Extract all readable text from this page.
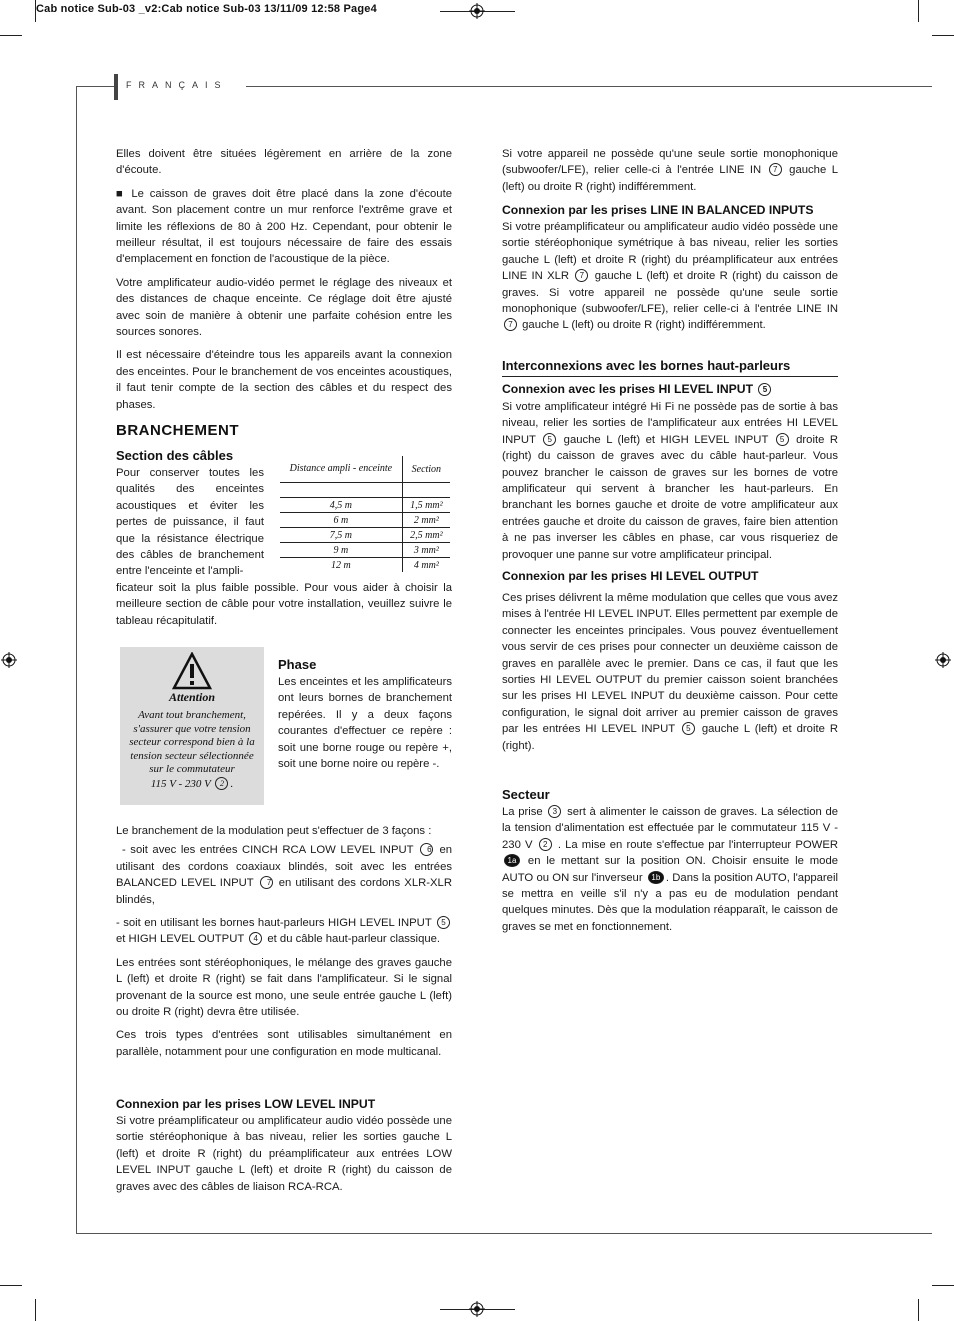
Cab notice Sub-03 _v2:Cab notice Sub-03 13/11/09 12:58 Page4
FRANÇAIS

Elles doivent être situées légèrement en arrière de la zone d'écoute.

■ Le caisson de graves doit être placé dans la zone d'écoute avant. Son placement contre un mur renforce l'extrême grave et limite les réflexions de 80 à 200 Hz. Cependant, pour obtenir le meilleur résultat, il est toujours nécessaire de faire des essais d'emplacement en fonction de l'acoustique de la pièce.

Votre amplificateur audio-vidéo permet le réglage des niveaux et des distances de chaque enceinte. Ce réglage doit être ajusté avec soin de manière à obtenir une parfaite cohésion entre les sources sonores.

Il est nécessaire d'éteindre tous les appareils avant la connexion des enceintes. Pour le branchement de vos enceintes acoustiques, il faut tenir compte de la section des câbles et du respect des phases.

BRANCHEMENT
Section des câbles

Pour conserver toutes les qualités des enceintes acoustiques et éviter les pertes de puissance, il faut que la résistance électrique des câbles de branchement entre l'enceinte et l'ampli-

Distance ampli - enceinte	Section

4,5 m	1,5 mm²
6 m	2 mm²
7,5 m	2,5 mm²
9 m	3 mm²
12 m	4 mm²

ficateur soit la plus faible possible. Pour vous aider à choisir la meilleure section de câble pour votre installation, veuillez suivre le tableau récapitulatif.

Attention
Avant tout branchement, s'assurer que votre tension secteur correspond bien à la tension secteur sélectionnée sur le commutateur
115 V - 230 V 2 .
Phase

Les enceintes et les amplificateurs ont leurs bornes de branchement repérées. Il y a deux façons courantes d'effectuer ce repère : soit une borne rouge ou repère +, soit une borne noire ou repère -.

Le branchement de la modulation peut s'effectuer de 3 façons :

- soit avec les entrées CINCH RCA LOW LEVEL INPUT 6 en utilisant des cordons coaxiaux blindés, soit avec les entrées BALANCED LEVEL INPUT 7 en utilisant des cordons XLR-XLR blindés,

- soit en utilisant les bornes haut-parleurs HIGH LEVEL INPUT 5 et HIGH LEVEL OUTPUT 4 et du câble haut-parleur classique.

Les entrées sont stéréophoniques, le mélange des graves gauche L (left) et droite R (right) se fait dans l'amplificateur. Si le signal provenant de la source est mono, une seule entrée gauche L (left) ou droite R (right) devra être utilisée.

Ces trois types d'entrées sont utilisables simultanément en parallèle, notamment pour une configuration en mode multicanal.

Connexion par les prises LOW LEVEL INPUT

Si votre préamplificateur ou amplificateur audio vidéo possède une sortie stéréophonique à bas niveau, relier les sorties gauche L (left) et droite R (right) du préamplificateur aux entrées LOW LEVEL INPUT gauche L (left) et droite R (right) du caisson de graves avec des câbles de liaison RCA-RCA.

Si votre appareil ne possède qu'une seule sortie monophonique (subwoofer/LFE), relier celle-ci à l'entrée LINE IN 7 gauche L (left) ou droite R (right) indifféremment.

Connexion par les prises LINE IN BALANCED INPUTS

Si votre préamplificateur ou amplificateur audio vidéo possède une sortie stéréophonique symétrique à bas niveau, relier les sorties gauche L (left) et droite R (right) du préamplificateur aux entrées LINE IN XLR 7 gauche L (left) et droite R (right) du caisson de graves. Si votre appareil ne possède qu'une seule sortie monophonique (subwoofer/LFE), relier celle-ci à l'entrée LINE IN 7 gauche L (left) ou droite R (right) indifféremment.

Interconnexions avec les bornes haut-parleurs
Connexion avec les prises HI LEVEL INPUT 5

Si votre amplificateur intégré Hi Fi ne possède pas de sortie à bas niveau, relier les sorties de l'amplificateur aux entrées HI LEVEL INPUT 5 gauche L (left) et HIGH LEVEL INPUT 5 droite R (right) du caisson de graves avec du câble haut-parleur. Vous pouvez brancher le caisson de graves sur les bornes de votre amplificateur qui servent à brancher les haut-parleurs. En branchant les bornes gauche et droite de votre amplificateur aux entrées gauche et droite du caisson de graves, faire bien attention à ne pas inverser les câbles en phase, car vous risqueriez de provoquer une panne sur votre amplificateur principal.

Connexion par les prises HI LEVEL OUTPUT

Ces prises délivrent la même modulation que celles que vous avez mises à l'entrée HI LEVEL INPUT. Elles permettent par exemple de connecter les enceintes principales. Vous pouvez éventuellement vous servir de ces prises pour connecter un deuxième caisson de graves en parallèle avec le premier. Dans ce cas, il faut que les sorties HI LEVEL OUTPUT du premier caisson soient branchées sur les prises HI LEVEL INPUT du deuxième caisson. Pour cette configuration, le signal doit arriver au premier caisson de graves par les entrées HI LEVEL INPUT 5 gauche L (left) et droite R (right).

Secteur

La prise 3 sert à alimenter le caisson de graves. La sélection de la tension d'alimentation est effectuée par le commutateur 115 V - 230 V 2 . La mise en route s'effectue par l'interrupteur POWER 1a en le mettant sur la position ON. Choisir ensuite le mode AUTO ou ON sur l'inverseur 1b . Dans la position AUTO, l'appareil se mettra en veille s'il n'y a pas eu de modulation pendant quelques minutes. Dès que la modulation réapparaît, le caisson de graves se met en fonctionnement.
